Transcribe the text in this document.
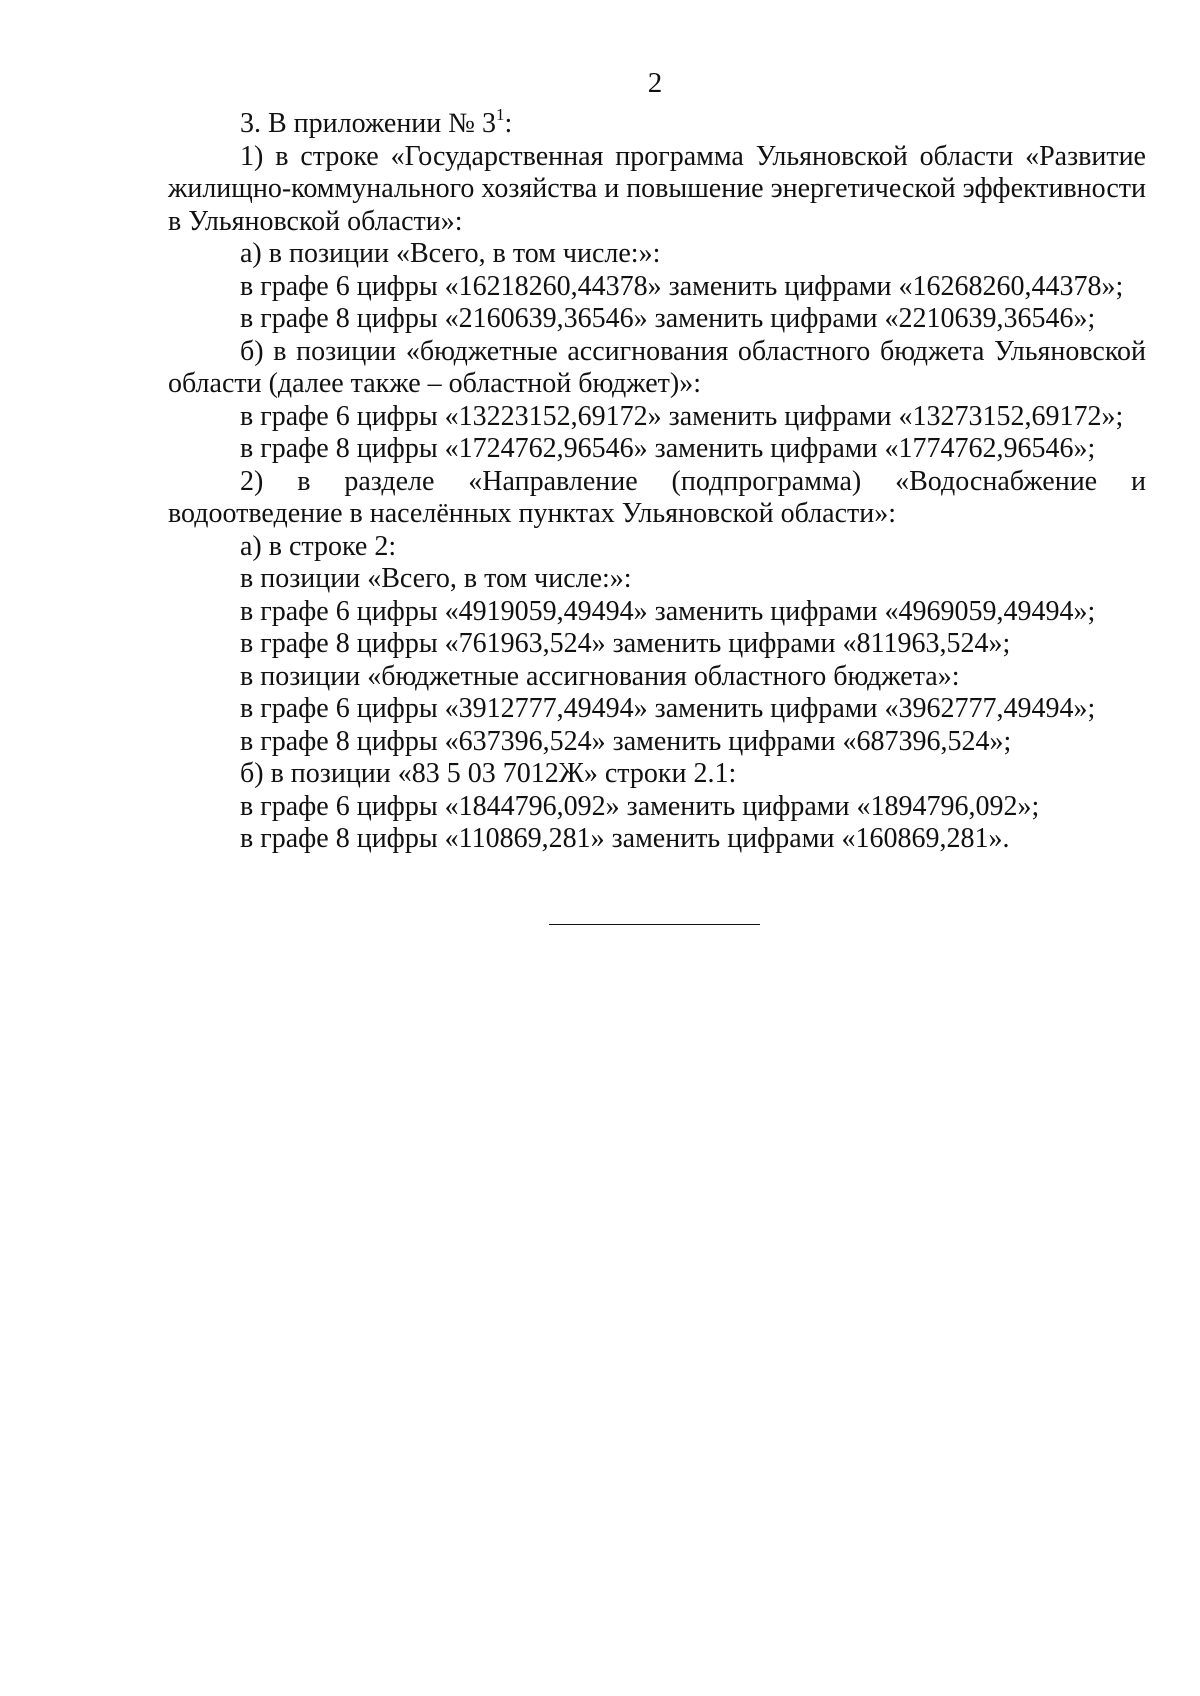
2

3. В приложении № $3^1$:

1) в строке «Государственная программа Ульяновской области «Развитие жилищно-коммунального хозяйства и повышение энергетической эффективности в Ульяновской области»:

а) в позиции «Всего, в том числе:»:

в графе 6 цифры «16218260,44378» заменить цифрами «16268260,44378»;

в графе 8 цифры «2160639,36546» заменить цифрами «2210639,36546»;

б) в позиции «бюджетные ассигнования областного бюджета Ульяновской области (далее также – областной бюджет)»:

в графе 6 цифры «13223152,69172» заменить цифрами «13273152,69172»;

в графе 8 цифры «1724762,96546» заменить цифрами «1774762,96546»;

2) в разделе «Направление (подпрограмма) «Водоснабжение и водоотведение в населённых пунктах Ульяновской области»:

а) в строке 2:

в позиции «Всего, в том числе:»:

в графе 6 цифры «4919059,49494» заменить цифрами «4969059,49494»;

в графе 8 цифры «761963,524» заменить цифрами «811963,524»;

в позиции «бюджетные ассигнования областного бюджета»:

в графе 6 цифры «3912777,49494» заменить цифрами «3962777,49494»;

в графе 8 цифры «637396,524» заменить цифрами «687396,524»;

б) в позиции «83 5 03 7012Ж» строки 2.1:

в графе 6 цифры «1844796,092» заменить цифрами «1894796,092»;

в графе 8 цифры «110869,281» заменить цифрами «160869,281».
